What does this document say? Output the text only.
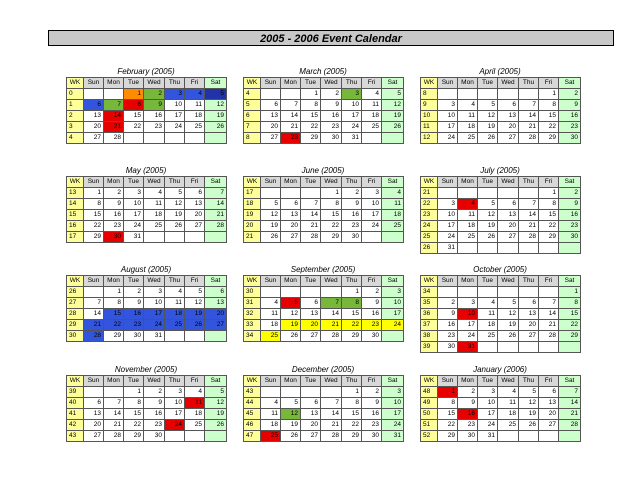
2005 - 2006 Event Calendar
February (2005)
WK	Sun	Mon	Tue	Wed	Thu	Fri	Sat
0			1	2	3	4	5
1	6	7	8	9	10	11	12
2	13	14	15	16	17	18	19
3	20	21	22	23	24	25	26
4	27	28					
March (2005)
WK	Sun	Mon	Tue	Wed	Thu	Fri	Sat
4			1	2	3	4	5
5	6	7	8	9	10	11	12
6	13	14	15	16	17	18	19
7	20	21	22	23	24	25	26
8	27	28	29	30	31		
April (2005)
WK	Sun	Mon	Tue	Wed	Thu	Fri	Sat
8						1	2
9	3	4	5	6	7	8	9
10	10	11	12	13	14	15	16
11	17	18	19	20	21	22	23
12	24	25	26	27	28	29	30
May (2005)
WK	Sun	Mon	Tue	Wed	Thu	Fri	Sat
13	1	2	3	4	5	6	7
14	8	9	10	11	12	13	14
15	15	16	17	18	19	20	21
16	22	23	24	25	26	27	28
17	29	30	31				
June (2005)
WK	Sun	Mon	Tue	Wed	Thu	Fri	Sat
17				1	2	3	4
18	5	6	7	8	9	10	11
19	12	13	14	15	16	17	18
20	19	20	21	22	23	24	25
21	26	27	28	29	30		
July (2005)
WK	Sun	Mon	Tue	Wed	Thu	Fri	Sat
21						1	2
22	3	4	5	6	7	8	9
23	10	11	12	13	14	15	16
24	17	18	19	20	21	22	23
25	24	25	26	27	28	29	30
26	31						
August (2005)
WK	Sun	Mon	Tue	Wed	Thu	Fri	Sat
26		1	2	3	4	5	6
27	7	8	9	10	11	12	13
28	14	15	16	17	18	19	20
29	21	22	23	24	25	26	27
30	28	29	30	31			
September (2005)
WK	Sun	Mon	Tue	Wed	Thu	Fri	Sat
30					1	2	3
31	4	5	6	7	8	9	10
32	11	12	13	14	15	16	17
33	18	19	20	21	22	23	24
34	25	26	27	28	29	30	
October (2005)
WK	Sun	Mon	Tue	Wed	Thu	Fri	Sat
34							1
35	2	3	4	5	6	7	8
36	9	10	11	12	13	14	15
37	16	17	18	19	20	21	22
38	23	24	25	26	27	28	29
39	30	31					
November (2005)
WK	Sun	Mon	Tue	Wed	Thu	Fri	Sat
39			1	2	3	4	5
40	6	7	8	9	10	11	12
41	13	14	15	16	17	18	19
42	20	21	22	23	24	25	26
43	27	28	29	30			
December (2005)
WK	Sun	Mon	Tue	Wed	Thu	Fri	Sat
43					1	2	3
44	4	5	6	7	8	9	10
45	11	12	13	14	15	16	17
46	18	19	20	21	22	23	24
47	25	26	27	28	29	30	31
January (2006)
WK	Sun	Mon	Tue	Wed	Thu	Fri	Sat
48	1	2	3	4	5	6	7
49	8	9	10	11	12	13	14
50	15	16	17	18	19	20	21
51	22	23	24	25	26	27	28
52	29	30	31				
